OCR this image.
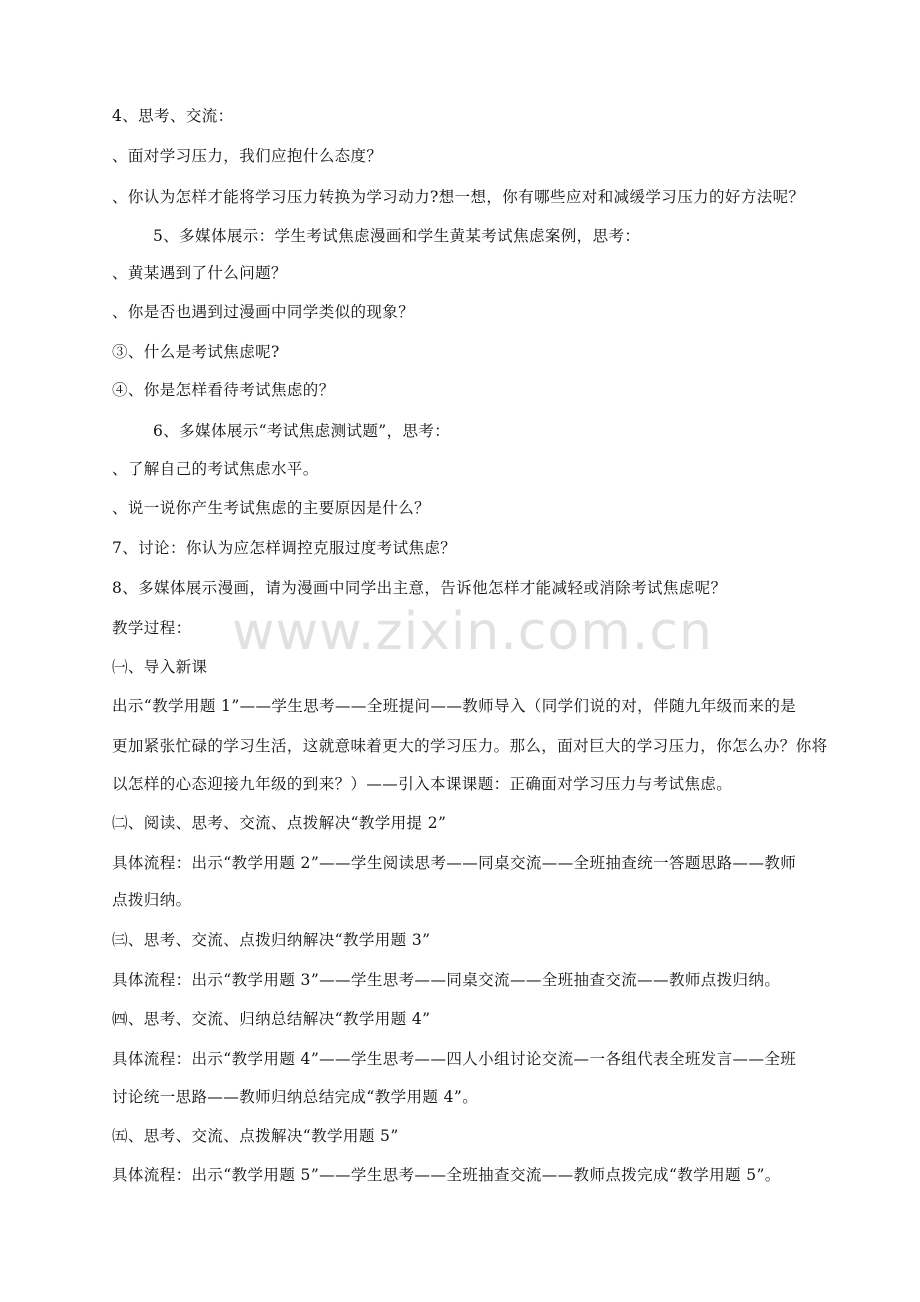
www.zixin.com.cn
4、思考、交流：
、面对学习压力，我们应抱什么态度？
、你认为怎样才能将学习压力转换为学习动力?想一想，你有哪些应对和减缓学习压力的好方法呢？
5、多媒体展示：学生考试焦虑漫画和学生黄某考试焦虑案例，思考：
、黄某遇到了什么问题？
、你是否也遇到过漫画中同学类似的现象？
③、什么是考试焦虑呢?
④、你是怎样看待考试焦虑的？
6、多媒体展示“考试焦虑测试题”，思考：
、了解自己的考试焦虑水平。
、说一说你产生考试焦虑的主要原因是什么？
7、讨论：你认为应怎样调控克服过度考试焦虑？
8、多媒体展示漫画，请为漫画中同学出主意，告诉他怎样才能减轻或消除考试焦虑呢？
教学过程：
㈠、导入新课
出示“教学用题 1”——学生思考——全班提问——教师导入（同学们说的对，伴随九年级而来的是
更加紧张忙碌的学习生活，这就意味着更大的学习压力。那么，面对巨大的学习压力，你怎么办？你将
以怎样的心态迎接九年级的到来？）——引入本课课题：正确面对学习压力与考试焦虑。
㈡、阅读、思考、交流、点拨解决“教学用提 2”
具体流程：出示“教学用题 2”——学生阅读思考——同桌交流——全班抽查统一答题思路——教师
点拨归纳。
㈢、思考、交流、点拨归纳解决“教学用题 3”
具体流程：出示“教学用题 3”——学生思考——同桌交流——全班抽查交流——教师点拨归纳。
㈣、思考、交流、归纳总结解决“教学用题 4”
具体流程：出示“教学用题 4”——学生思考——四人小组讨论交流—一各组代表全班发言——全班
讨论统一思路——教师归纳总结完成“教学用题 4”。
㈤、思考、交流、点拨解决“教学用题 5”
具体流程：出示“教学用题 5”——学生思考——全班抽查交流——教师点拨完成“教学用题 5”。
